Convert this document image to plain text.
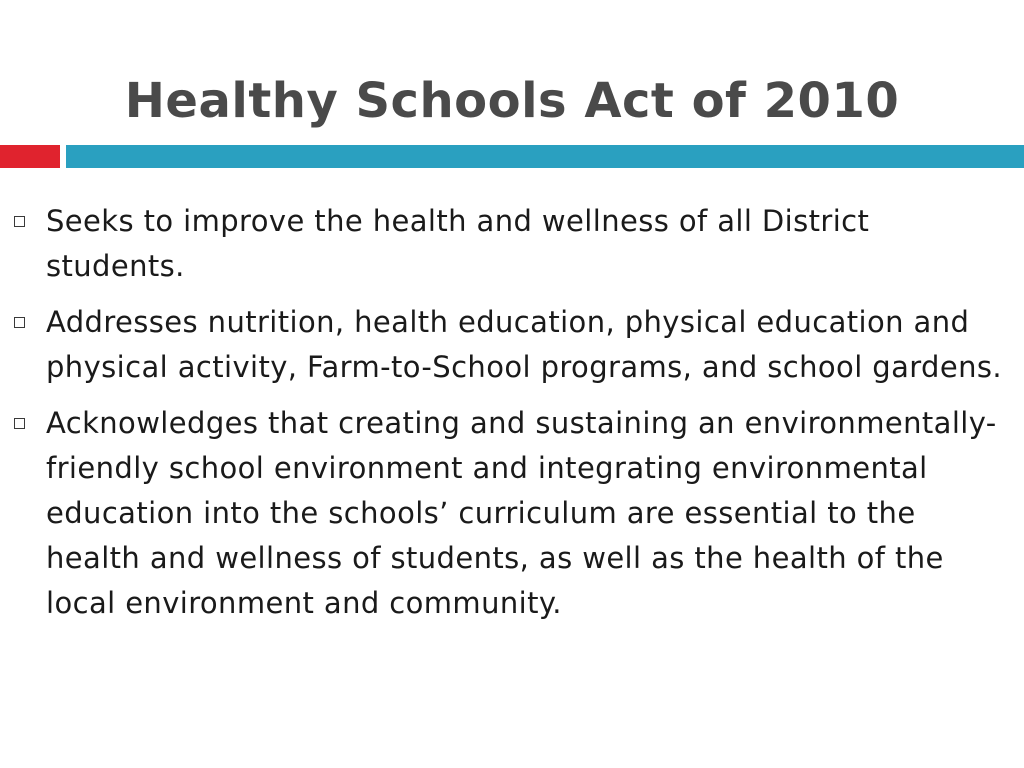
Healthy Schools Act of 2010
Seeks to improve the health and wellness of all District students.
Addresses nutrition, health education, physical education and physical activity, Farm-to-School programs, and school gardens.
Acknowledges that creating and sustaining an environmentally-friendly school environment and integrating environmental education into the schools’ curriculum are essential to the health and wellness of students, as well as the health of the local environment and community.
